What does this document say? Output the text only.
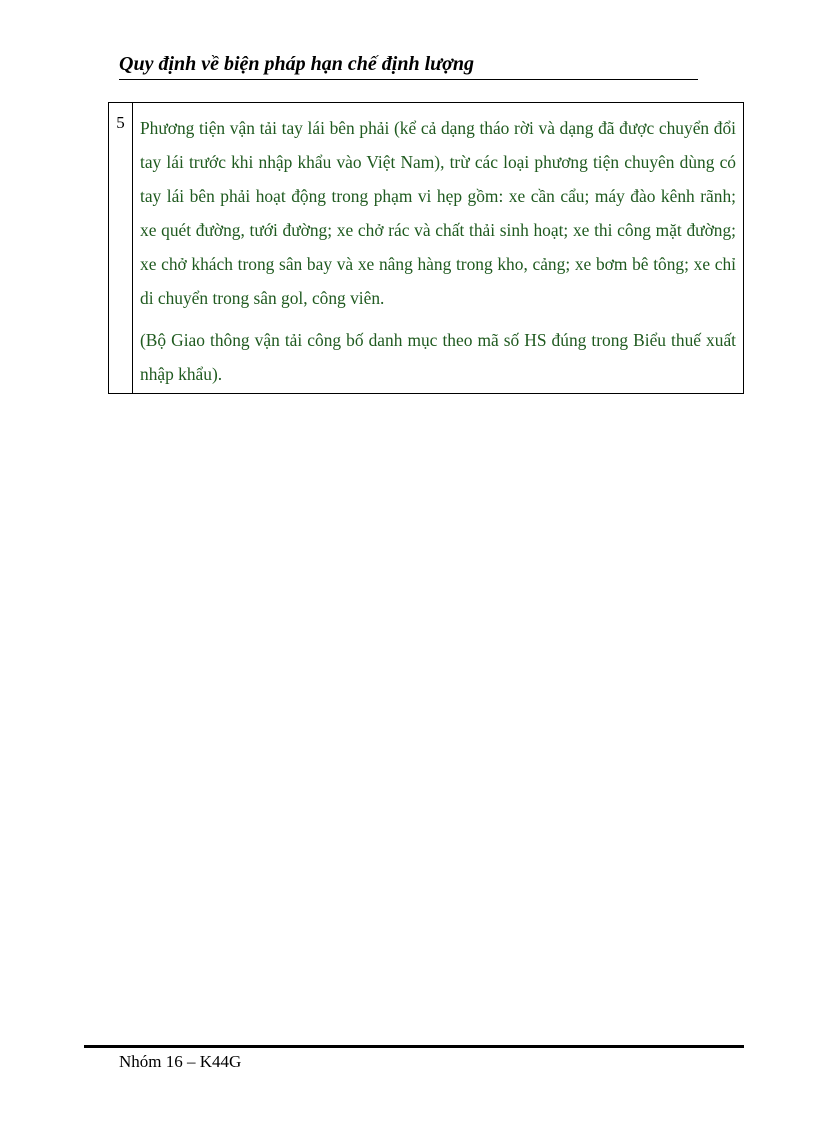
Quy định về biện pháp hạn chế định lượng
5 Phương tiện vận tải tay lái bên phải (kể cả dạng tháo rời và dạng đã được chuyển đổi tay lái trước khi nhập khẩu vào Việt Nam), trừ các loại phương tiện chuyên dùng có tay lái bên phải hoạt động trong phạm vi hẹp gồm: xe cần cẩu; máy đào kênh rãnh; xe quét đường, tưới đường; xe chở rác và chất thải sinh hoạt; xe thi công mặt đường; xe chở khách trong sân bay và xe nâng hàng trong kho, cảng; xe bơm bê tông; xe chỉ di chuyển trong sân gol, công viên.

(Bộ Giao thông vận tải công bố danh mục theo mã số HS đúng trong Biểu thuế xuất nhập khẩu).

Nhóm 16 – K44G
